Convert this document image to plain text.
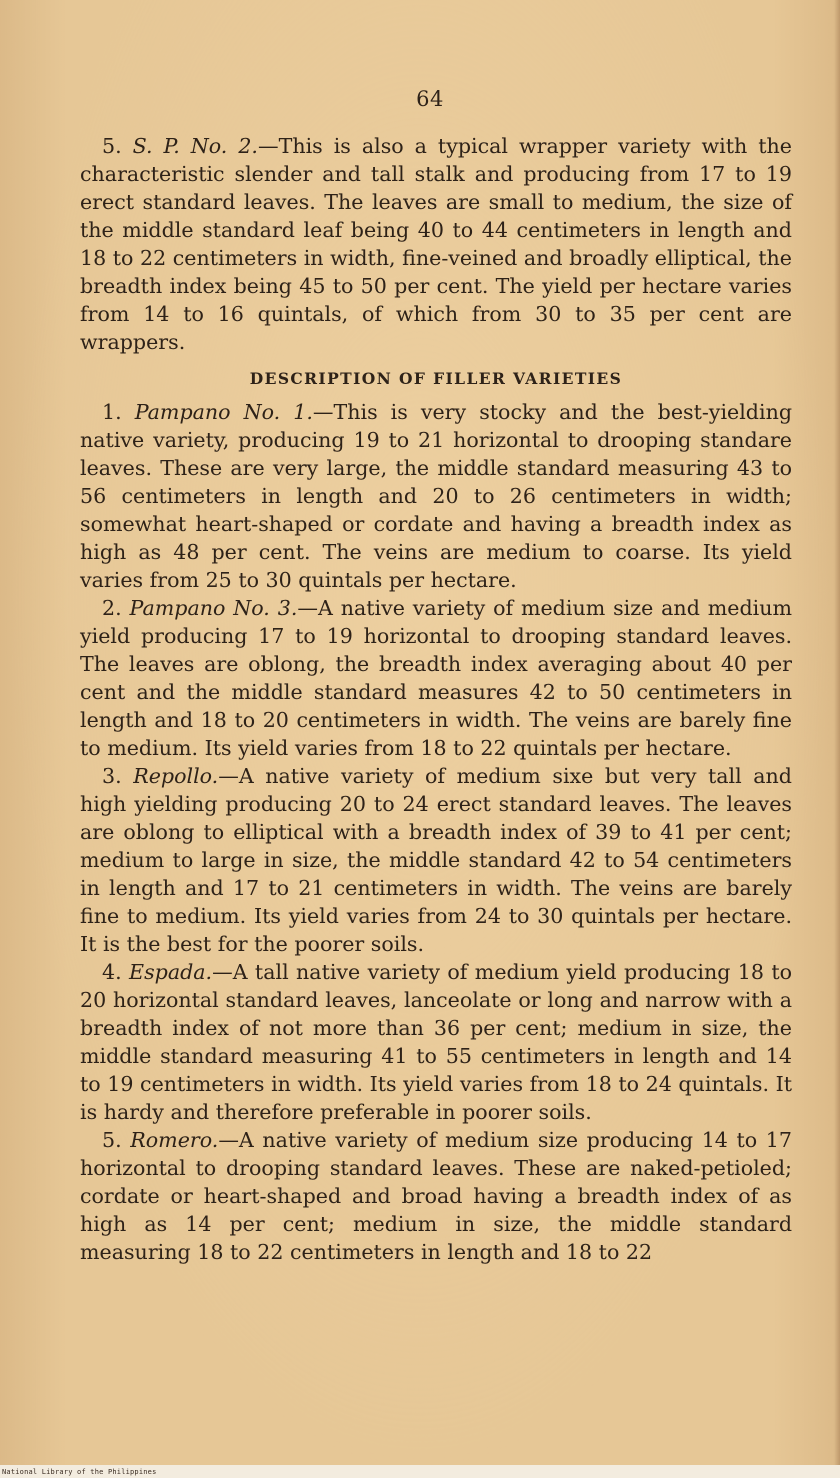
64

5. S. P. No. 2.—This is also a typical wrapper variety with the characteristic slender and tall stalk and producing from 17 to 19 erect standard leaves. The leaves are small to medium, the size of the middle standard leaf being 40 to 44 centimeters in length and 18 to 22 centimeters in width, fine-veined and broadly elliptical, the breadth index being 45 to 50 per cent. The yield per hectare varies from 14 to 16 quintals, of which from 30 to 35 per cent are wrappers.

DESCRIPTION OF FILLER VARIETIES

1. Pampano No. 1.—This is very stocky and the best-yielding native variety, producing 19 to 21 horizontal to drooping standare leaves. These are very large, the middle standard measuring 43 to 56 centimeters in length and 20 to 26 centimeters in width; somewhat heart-shaped or cordate and having a breadth index as high as 48 per cent. The veins are medium to coarse. Its yield varies from 25 to 30 quintals per hectare.

2. Pampano No. 3.—A native variety of medium size and medium yield producing 17 to 19 horizontal to drooping standard leaves. The leaves are oblong, the breadth index averaging about 40 per cent and the middle standard measures 42 to 50 centimeters in length and 18 to 20 centimeters in width. The veins are barely fine to medium. Its yield varies from 18 to 22 quintals per hectare.

3. Repollo.—A native variety of medium sixe but very tall and high yielding producing 20 to 24 erect standard leaves. The leaves are oblong to elliptical with a breadth index of 39 to 41 per cent; medium to large in size, the middle standard 42 to 54 centimeters in length and 17 to 21 centimeters in width. The veins are barely fine to medium. Its yield varies from 24 to 30 quintals per hectare. It is the best for the poorer soils.

4. Espada.—A tall native variety of medium yield producing 18 to 20 horizontal standard leaves, lanceolate or long and narrow with a breadth index of not more than 36 per cent; medium in size, the middle standard measuring 41 to 55 centimeters in length and 14 to 19 centimeters in width. Its yield varies from 18 to 24 quintals. It is hardy and therefore preferable in poorer soils.

5. Romero.—A native variety of medium size producing 14 to 17 horizontal to drooping standard leaves. These are naked-petioled; cordate or heart-shaped and broad having a breadth index of as high as 14 per cent; medium in size, the middle standard measuring 18 to 22 centimeters in length and 18 to 22

National Library of the Philippines
